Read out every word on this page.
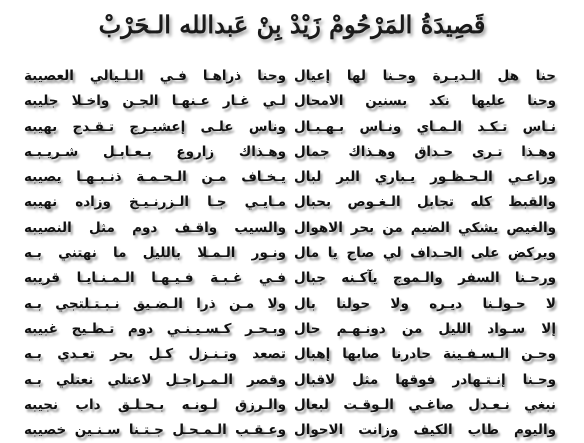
قَصِيدَةُ المَرْحُومْ زَيْدْ بِنْ عَبدالله الـحَرْبْ
حنا هل الـديـرة وحـنا لها إعيال
وحنا عليها نكد بسنين الامحال
نـاس تـكـد الـمـاي ونـاس بـهـبـال
وهـذا تـرى حـداق وهـذاك جمال
وراعـي الـحـظـور يـباري البر لبال
والقبط كله تجابل الـغـوص بحبال
والغيص يشكي الضيم من بحر الاهوال
ويركض على الحـداف لي صاح يا مال
ورحـنا السفر والـموج يآكـنه جبال
لا حـولـنا ديـره ولا حولنا بال
إلا سـواد الليل من دونـهـم حال
وحـن الـسـفـينة حادرنا صابها إهبال
وحـنا إنـتـهادر فوقها مثل لاقبال
نبغي نـعـدل صاغـي الـوقـت لبعال
واليوم طاب الكيف وزانت الاحوال
وحنا ذراهـا فـي الـلـيالي العصيبة
لـي غـار عـنهـا الجـن واخـلا جليبه
وناس علـى إعشيـرج تـقـدح بهيبه
وهـذاك زاروع بـعـابـل شـريـبـه
يـخـاف مـن الـحـمـة ذنـبـهـا يصيبه
مـايـي جـا الـزرنـيـخ وزاده نهيبه
والسيب واقـف دوم مثل النصيبه
ونـور الـمـلا بالليل ما نهتني بـه
فـي غـبـة فـيـهـا الـمـنـايـا قريبه
ولا مـن ذرا الـضـيق نـبـتـلتجي بـه
وبـحـر كـسـيـنـي دوم تـطـيح غبيبه
تصعد وتـنـزل كـل بحر تعـدي بـه
وقصر الـمـراجـل لاعتلي نعتلي بـه
والـرزق لـونـه بـحـلـق داب نجيبه
وعـقـب الـمـحـل جـتـنا سـنـين خصيبه
